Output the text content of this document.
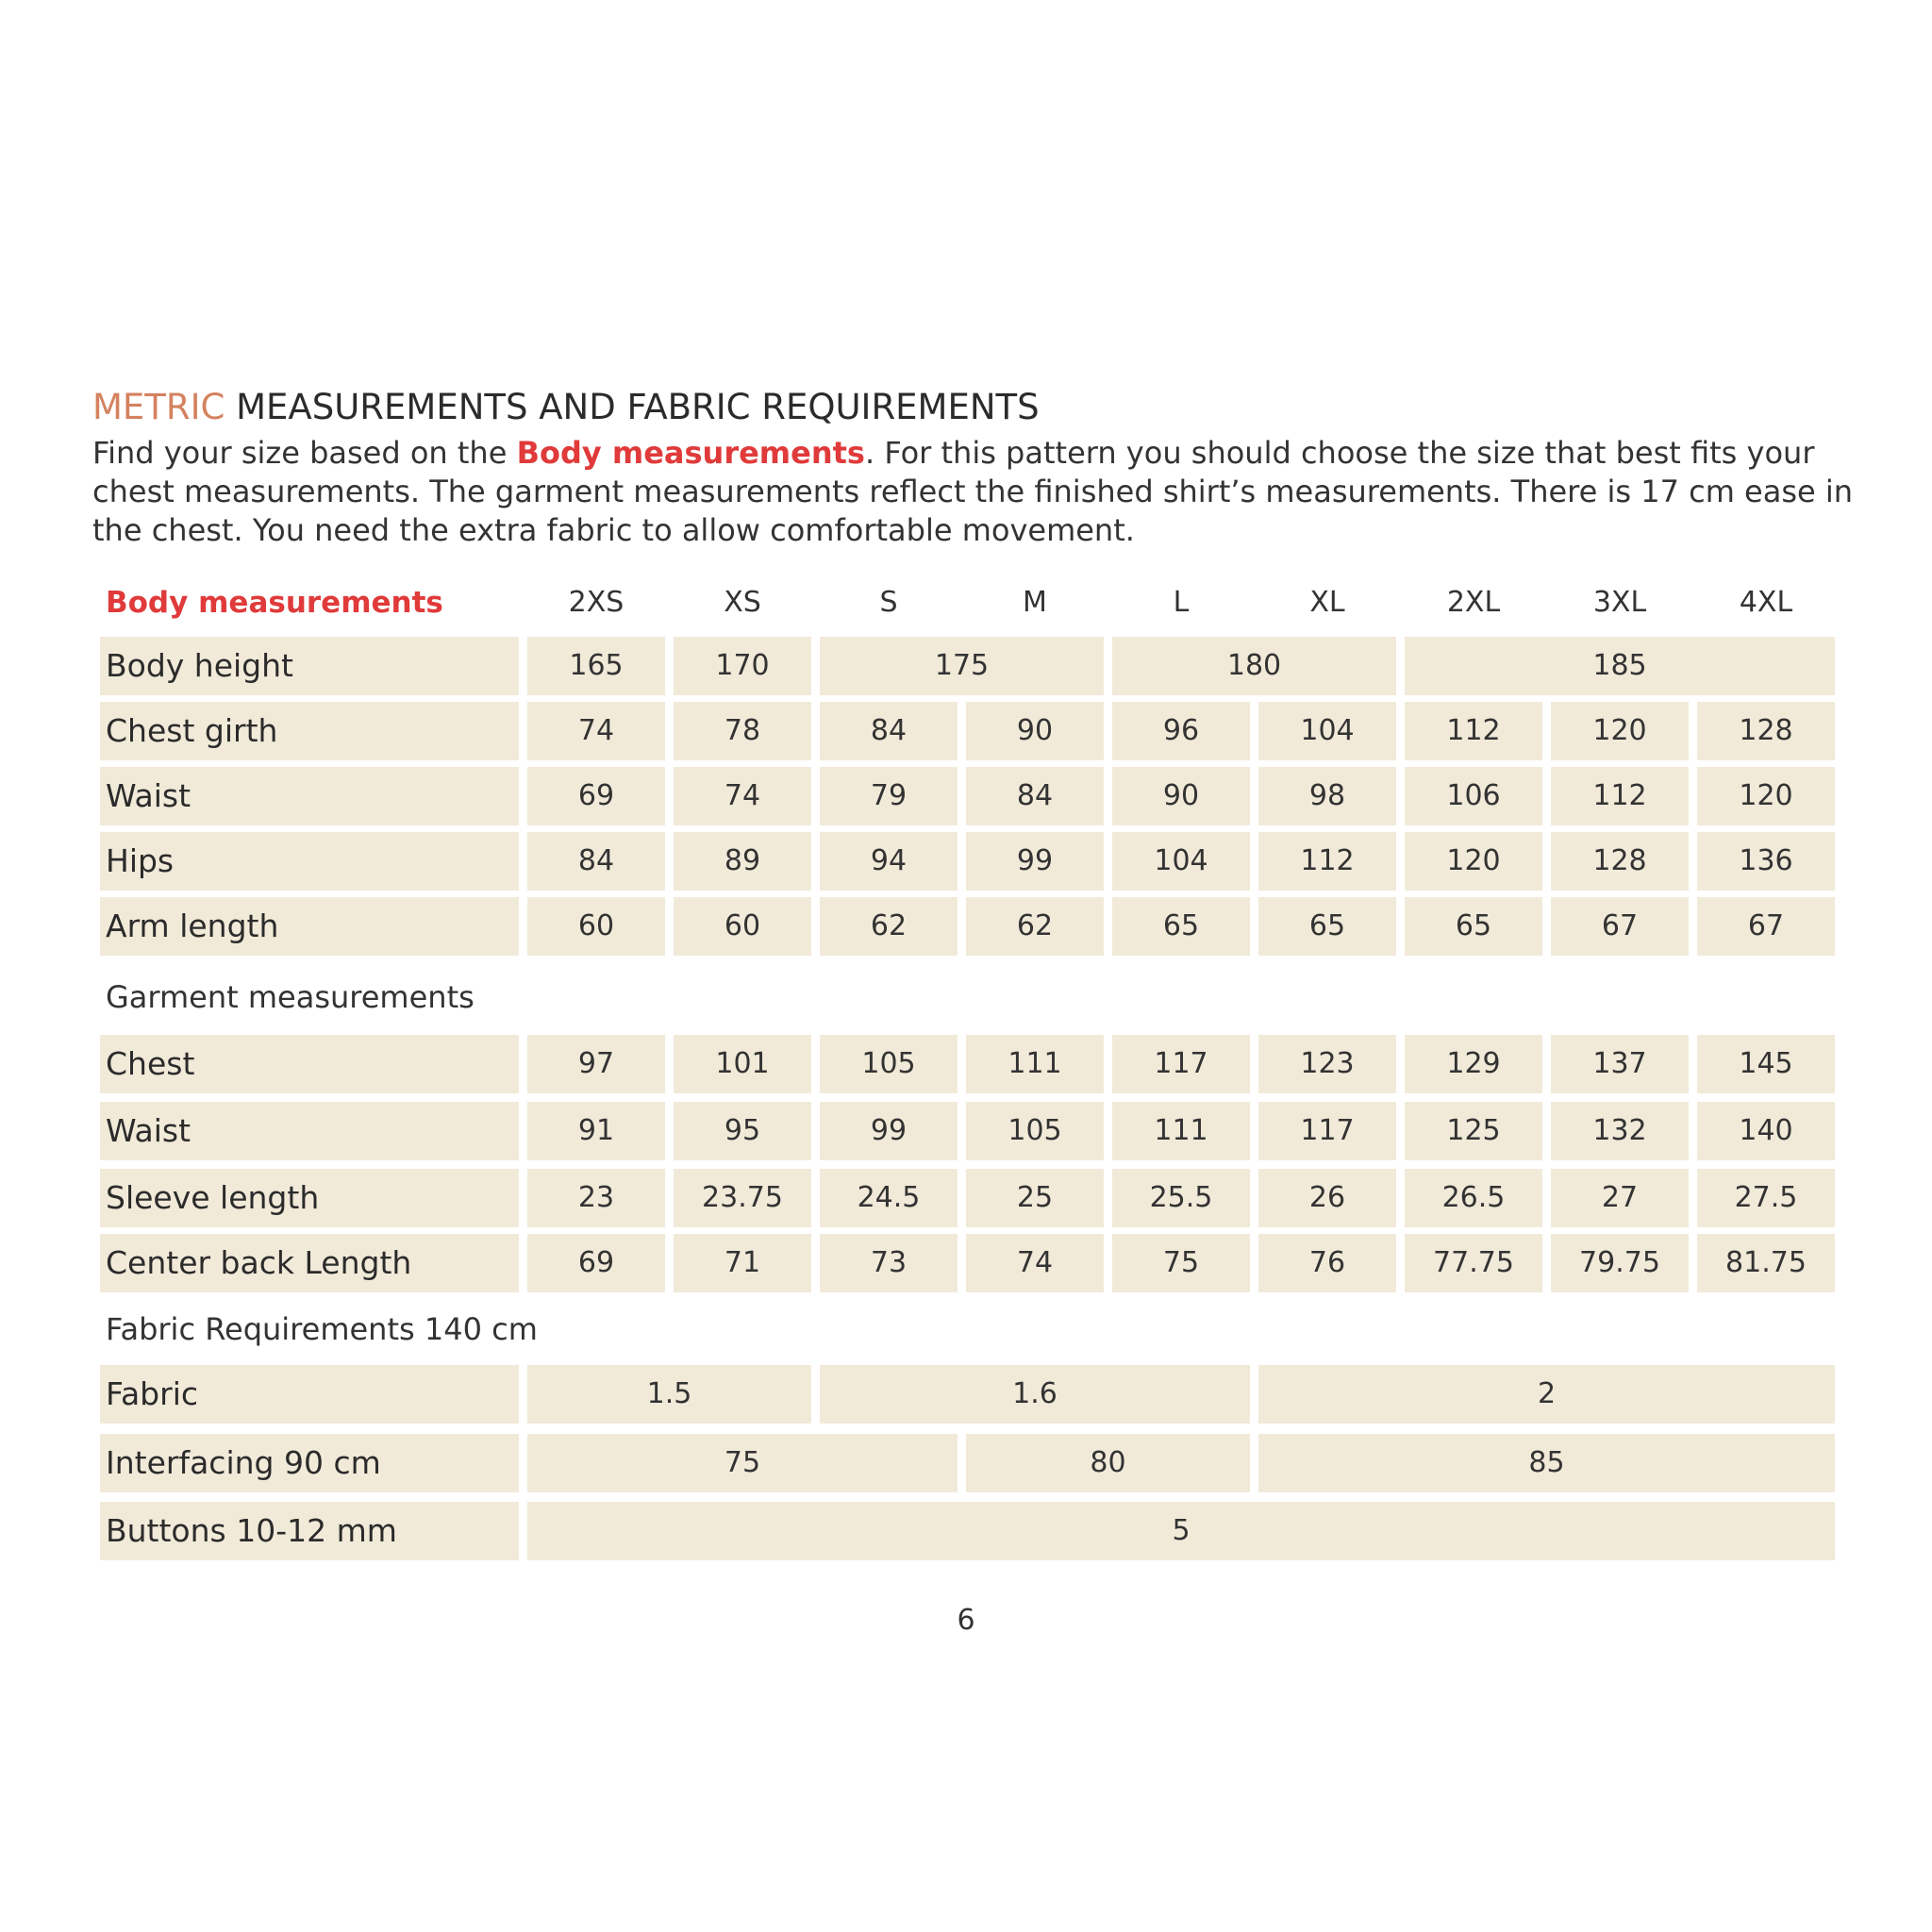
METRIC MEASUREMENTS AND FABRIC REQUIREMENTS
Find your size based on the Body measurements. For this pattern you should choose the size that best fits your chest measurements. The garment measurements reflect the finished shirt’s measurements. There is 17 cm ease in the chest. You need the extra fabric to allow comfortable movement.
Body measurements	2XS	XS	S	M	L	XL	2XL	3XL	4XL
Body height	165	170	175	180	185
Chest girth	74	78	84	90	96	104	112	120	128
Waist	69	74	79	84	90	98	106	112	120
Hips	84	89	94	99	104	112	120	128	136
Arm length	60	60	62	62	65	65	65	67	67
Garment measurements
Chest	97	101	105	111	117	123	129	137	145
Waist	91	95	99	105	111	117	125	132	140
Sleeve length	23	23.75	24.5	25	25.5	26	26.5	27	27.5
Center back Length	69	71	73	74	75	76	77.75	79.75	81.75
Fabric Requirements 140 cm
Fabric	1.5	1.6	2
Interfacing 90 cm	75	80	85
Buttons 10-12 mm	5
6
